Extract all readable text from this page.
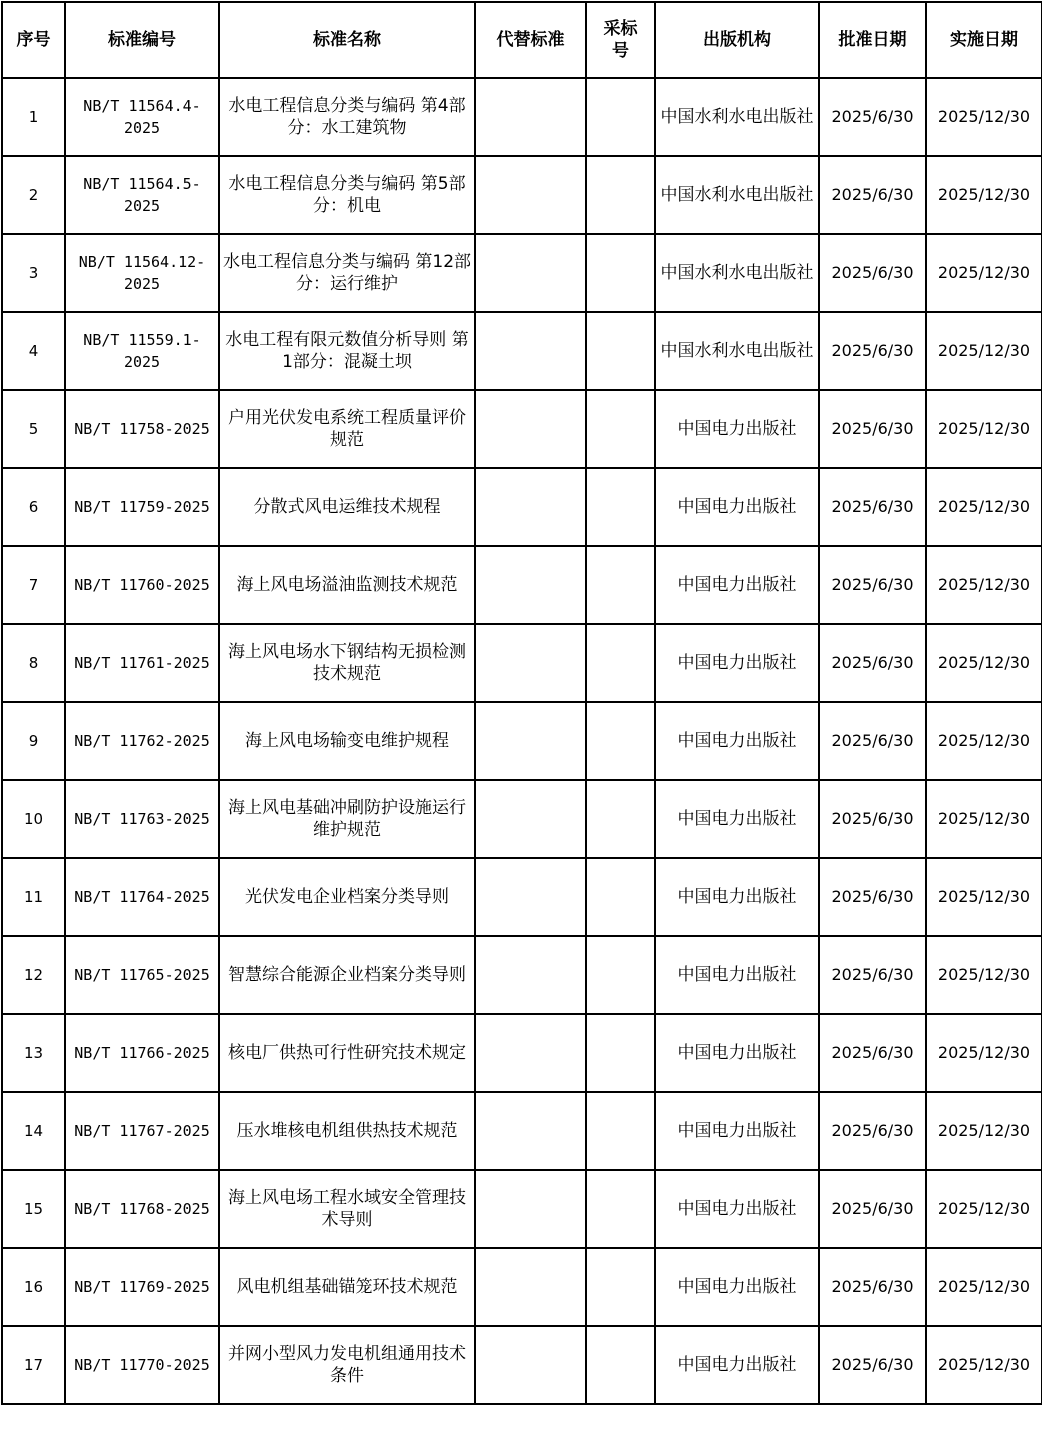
序号	标准编号	标准名称	代替标准	采标号	出版机构	批准日期	实施日期
1	NB/T 11564.4-2025	水电工程信息分类与编码 第4部分：水工建筑物			中国水利水电出版社	2025/6/30	2025/12/30
2	NB/T 11564.5-2025	水电工程信息分类与编码 第5部分：机电			中国水利水电出版社	2025/6/30	2025/12/30
3	NB/T 11564.12-2025	水电工程信息分类与编码 第12部分：运行维护			中国水利水电出版社	2025/6/30	2025/12/30
4	NB/T 11559.1-2025	水电工程有限元数值分析导则 第1部分：混凝土坝			中国水利水电出版社	2025/6/30	2025/12/30
5	NB/T 11758-2025	户用光伏发电系统工程质量评价规范			中国电力出版社	2025/6/30	2025/12/30
6	NB/T 11759-2025	分散式风电运维技术规程			中国电力出版社	2025/6/30	2025/12/30
7	NB/T 11760-2025	海上风电场溢油监测技术规范			中国电力出版社	2025/6/30	2025/12/30
8	NB/T 11761-2025	海上风电场水下钢结构无损检测技术规范			中国电力出版社	2025/6/30	2025/12/30
9	NB/T 11762-2025	海上风电场输变电维护规程			中国电力出版社	2025/6/30	2025/12/30
10	NB/T 11763-2025	海上风电基础冲刷防护设施运行维护规范			中国电力出版社	2025/6/30	2025/12/30
11	NB/T 11764-2025	光伏发电企业档案分类导则			中国电力出版社	2025/6/30	2025/12/30
12	NB/T 11765-2025	智慧综合能源企业档案分类导则			中国电力出版社	2025/6/30	2025/12/30
13	NB/T 11766-2025	核电厂供热可行性研究技术规定			中国电力出版社	2025/6/30	2025/12/30
14	NB/T 11767-2025	压水堆核电机组供热技术规范			中国电力出版社	2025/6/30	2025/12/30
15	NB/T 11768-2025	海上风电场工程水域安全管理技术导则			中国电力出版社	2025/6/30	2025/12/30
16	NB/T 11769-2025	风电机组基础锚笼环技术规范			中国电力出版社	2025/6/30	2025/12/30
17	NB/T 11770-2025	并网小型风力发电机组通用技术条件			中国电力出版社	2025/6/30	2025/12/30
